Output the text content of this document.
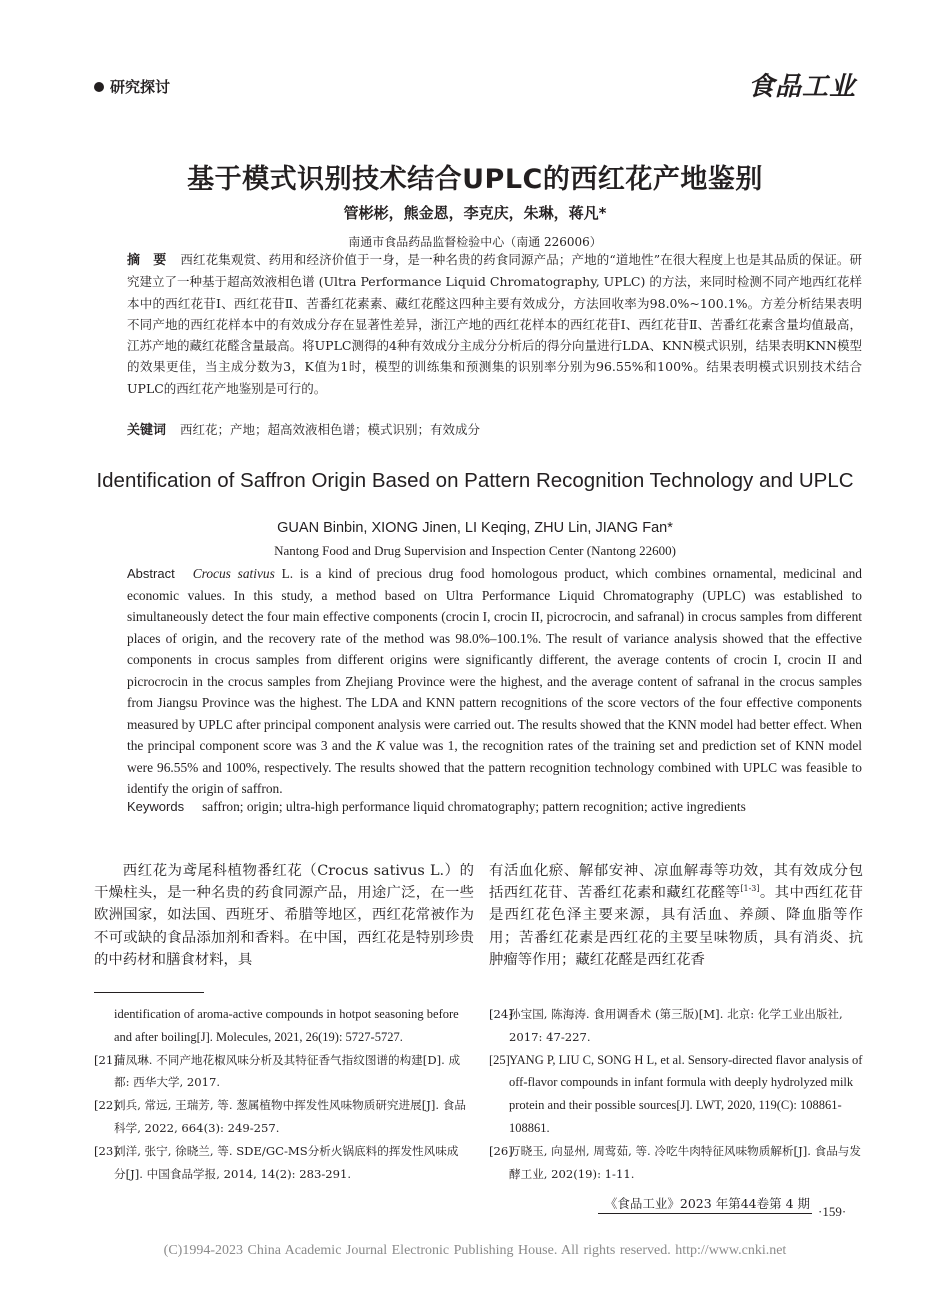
研究探讨	食品工业
基于模式识别技术结合UPLC的西红花产地鉴别
管彬彬，熊金恩，李克庆，朱琳，蒋凡*
南通市食品药品监督检验中心（南通 226006）
摘　要 西红花集观赏、药用和经济价值于一身，是一种名贵的药食同源产品；产地的“道地性”在很大程度上也是其品质的保证。研究建立了一种基于超高效液相色谱 (Ultra Performance Liquid Chromatography, UPLC) 的方法，来同时检测不同产地西红花样本中的西红花苷Ⅰ、西红花苷Ⅱ、苦番红花素素、藏红花醛这四种主要有效成分，方法回收率为98.0%~100.1%。方差分析结果表明不同产地的西红花样本中的有效成分存在显著性差异，浙江产地的西红花样本的西红花苷I、西红花苷Ⅱ、苦番红花素含量均值最高，江苏产地的藏红花醛含量最高。将UPLC测得的4种有效成分主成分分析后的得分向量进行LDA、KNN模式识别，结果表明KNN模型的效果更佳，当主成分数为3，K值为1时，模型的训练集和预测集的识别率分别为96.55%和100%。结果表明模式识别技术结合UPLC的西红花产地鉴别是可行的。
关键词 西红花；产地；超高效液相色谱；模式识别；有效成分
Identification of Saffron Origin Based on Pattern Recognition Technology and UPLC
GUAN Binbin, XIONG Jinen, LI Keqing, ZHU Lin, JIANG Fan*
Nantong Food and Drug Supervision and Inspection Center (Nantong 22600)
Abstract Crocus sativus L. is a kind of precious drug food homologous product, which combines ornamental, medicinal and economic values. In this study, a method based on Ultra Performance Liquid Chromatography (UPLC) was established to simultaneously detect the four main effective components (crocin I, crocin II, picrocrocin, and safranal) in crocus samples from different places of origin, and the recovery rate of the method was 98.0%–100.1%. The result of variance analysis showed that the effective components in crocus samples from different origins were significantly different, the average contents of crocin I, crocin II and picrocrocin in the crocus samples from Zhejiang Province were the highest, and the average content of safranal in the crocus samples from Jiangsu Province was the highest. The LDA and KNN pattern recognitions of the score vectors of the four effective components measured by UPLC after principal component analysis were carried out. The results showed that the KNN model had better effect. When the principal component score was 3 and the K value was 1, the recognition rates of the training set and prediction set of KNN model were 96.55% and 100%, respectively. The results showed that the pattern recognition technology combined with UPLC was feasible to identify the origin of saffron.
Keywords saffron; origin; ultra-high performance liquid chromatography; pattern recognition; active ingredients
西红花为鸢尾科植物番红花（Crocus sativus L.）的干燥柱头，是一种名贵的药食同源产品，用途广泛，在一些欧洲国家，如法国、西班牙、希腊等地区，西红花常被作为不可或缺的食品添加剂和香料。在中国，西红花是特别珍贵的中药材和膳食材料，具
有活血化瘀、解郁安神、凉血解毒等功效，其有效成分包括西红花苷、苦番红花素和藏红花醛等[1-3]。其中西红花苷是西红花色泽主要来源，具有活血、养颜、降血脂等作用；苦番红花素是西红花的主要呈味物质，具有消炎、抗肿瘤等作用；藏红花醛是西红花香
identification of aroma-active compounds in hotpot seasoning before and after boiling[J]. Molecules, 2021, 26(19): 5727-5727.
[21]
蒲凤琳. 不同产地花椒风味分析及其特征香气指纹图谱的构建[D]. 成都: 西华大学, 2017.
[22]
刘兵, 常远, 王瑞芳, 等. 葱属植物中挥发性风味物质研究进展[J]. 食品科学, 2022, 664(3): 249-257.
[23]
刘洋, 张宁, 徐晓兰, 等. SDE/GC-MS分析火锅底料的挥发性风味成分[J]. 中国食品学报, 2014, 14(2): 283-291.
[24]
孙宝国, 陈海涛. 食用调香术 (第三版)[M]. 北京: 化学工业出版社, 2017: 47-227.
[25] YANG P, LIU C, SONG H L, et al. Sensory-directed flavor analysis of off-flavor compounds in infant formula with deeply hydrolyzed milk protein and their possible sources[J]. LWT, 2020, 119(C): 108861-108861.
[26]
万晓玉, 向显州, 周莺茹, 等. 冷吃牛肉特征风味物质解析[J]. 食品与发酵工业, 202(19): 1-11.
《食品工业》2023 年第44卷第 4 期
·159·
(C)1994-2023 China Academic Journal Electronic Publishing House. All rights reserved. http://www.cnki.net
